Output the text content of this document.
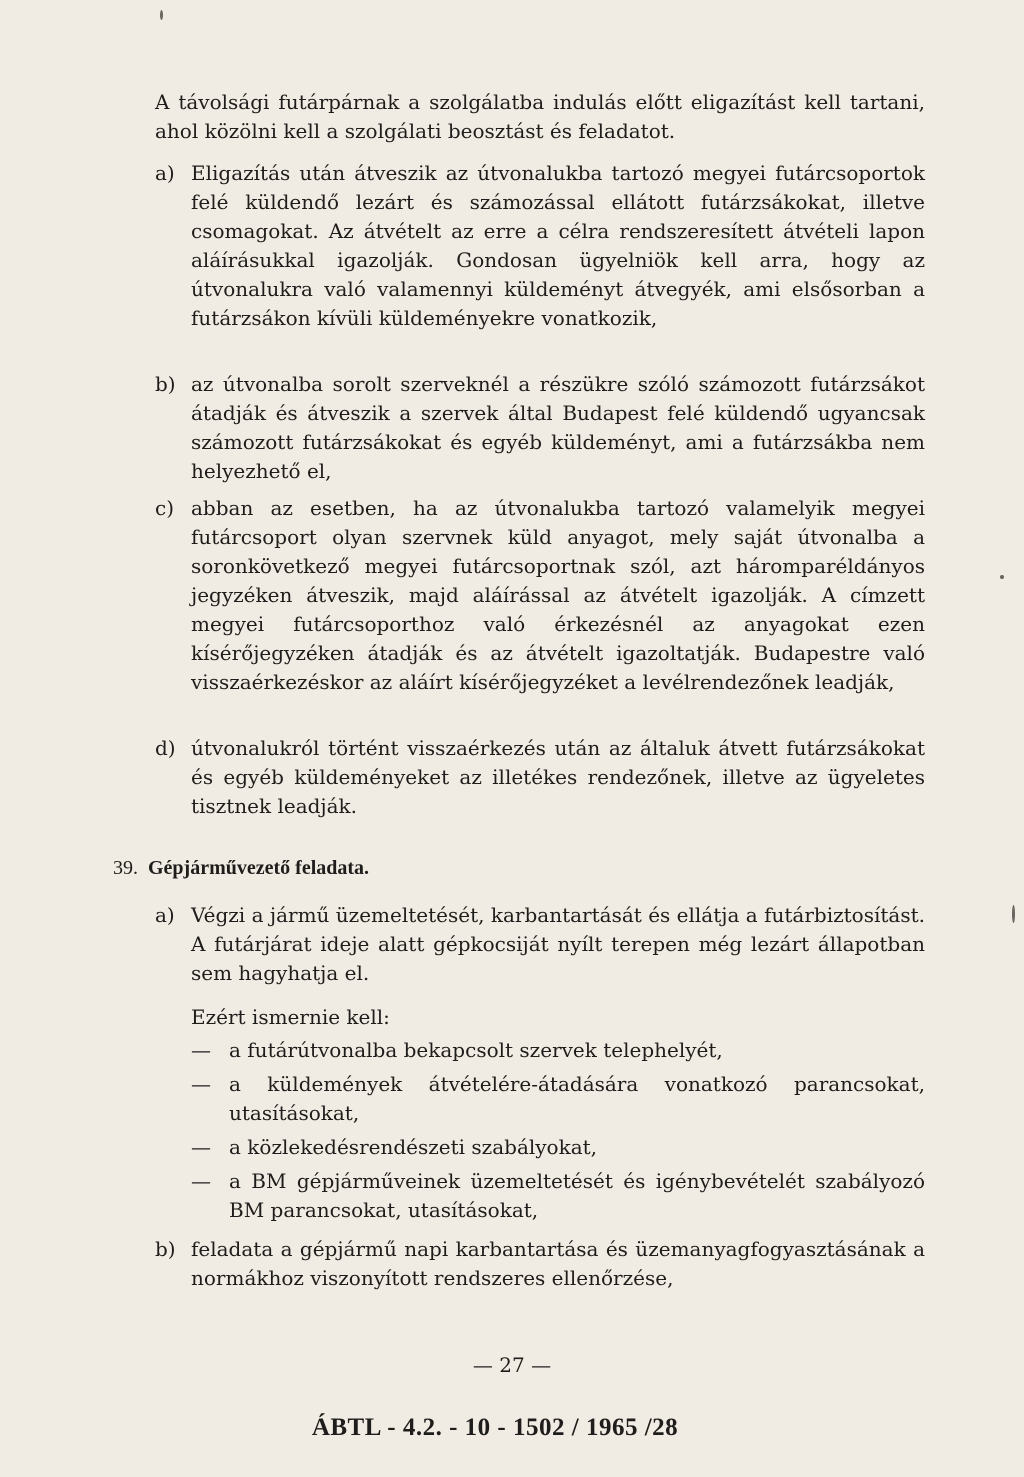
A távolsági futárpárnak a szolgálatba indulás előtt eligazítást kell tartani, ahol közölni kell a szolgálati beosztást és feladatot.

a) Eligazítás után átveszik az útvonalukba tartozó megyei futárcsoportok felé küldendő lezárt és számozással ellátott futárzsákokat, illetve csomagokat. Az átvételt az erre a célra rendszeresített átvételi lapon aláírásukkal igazolják. Gondosan ügyelniök kell arra, hogy az útvonalukra való valamennyi küldeményt átvegyék, ami elsősorban a futárzsákon kívüli küldeményekre vonatkozik,
b) az útvonalba sorolt szerveknél a részükre szóló számozott futárzsákot átadják és átveszik a szervek által Budapest felé küldendő ugyancsak számozott futárzsákokat és egyéb küldeményt, ami a futárzsákba nem helyezhető el,
c) abban az esetben, ha az útvonalukba tartozó valamelyik megyei futárcsoport olyan szervnek küld anyagot, mely saját útvonalba a soronkövetkező megyei futárcsoportnak szól, azt háromparéldányos jegyzéken átveszik, majd aláírással az átvételt igazolják. A címzett megyei futárcsoporthoz való érkezésnél az anyagokat ezen kísérőjegyzéken átadják és az átvételt igazoltatják. Budapestre való visszaérkezéskor az aláírt kísérőjegyzéket a levélrendezőnek leadják,
d) útvonalukról történt visszaérkezés után az általuk átvett futárzsákokat és egyéb küldeményeket az illetékes rendezőnek, illetve az ügyeletes tisztnek leadják.
39. Gépjárművezető feladata.
a) Végzi a jármű üzemeltetését, karbantartását és ellátja a futárbiztosítást. A futárjárat ideje alatt gépkocsiját nyílt terepen még lezárt állapotban sem hagyhatja el.
Ezért ismernie kell:
— a futárútvonalba bekapcsolt szervek telephelyét,
— a küldemények átvételére-átadására vonatkozó parancsokat, utasításokat,
— a közlekedésrendészeti szabályokat,
— a BM gépjárműveinek üzemeltetését és igénybevételét szabályozó BM parancsokat, utasításokat,
b) feladata a gépjármű napi karbantartása és üzemanyagfogyasztásának a normákhoz viszonyított rendszeres ellenőrzése,
— 27 —
ÁBTL - 4.2. - 10 - 1502 / 1965 /28
